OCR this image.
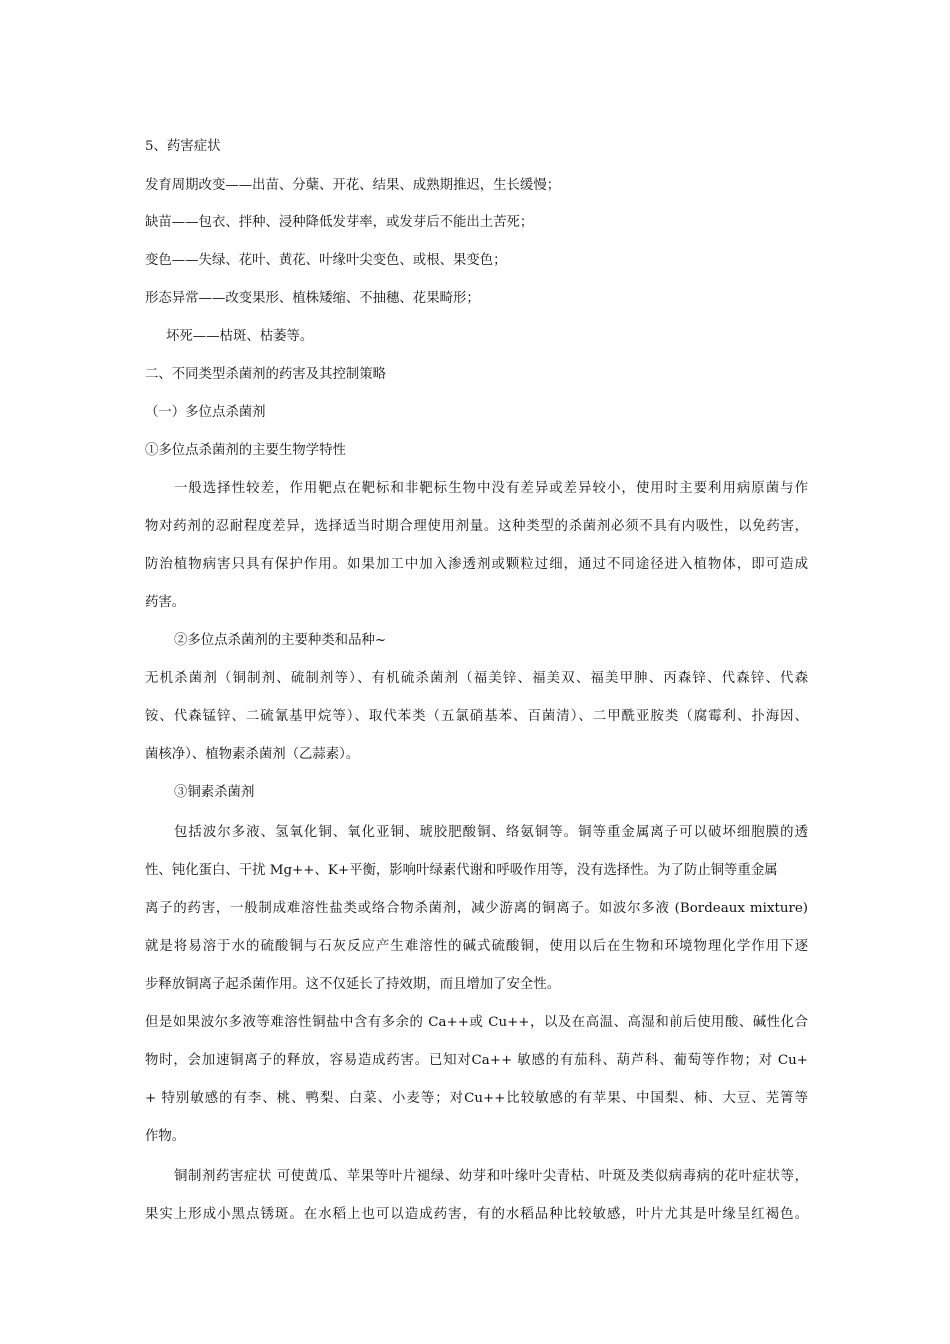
5、药害症状

发育周期改变——出苗、分蘖、开花、结果、成熟期推迟，生长缓慢；

缺苗——包衣、拌种、浸种降低发芽率，或发芽后不能出土苦死；

变色——失绿、花叶、黄花、叶缘叶尖变色、或根、果变色；

形态异常——改变果形、植株矮缩、不抽穗、花果畸形；

坏死——枯斑、枯萎等。

二、不同类型杀菌剂的药害及其控制策略

（一）多位点杀菌剂

①多位点杀菌剂的主要生物学特性

一般选择性较差，作用靶点在靶标和非靶标生物中没有差异或差异较小，使用时主要利用病原菌与作

物对药剂的忍耐程度差异，选择适当时期合理使用剂量。这种类型的杀菌剂必须不具有内吸性，以免药害，

防治植物病害只具有保护作用。如果加工中加入渗透剂或颗粒过细，通过不同途径进入植物体，即可造成

药害。

②多位点杀菌剂的主要种类和品种~

无机杀菌剂（铜制剂、硫制剂等）、有机硫杀菌剂（福美锌、福美双、福美甲胂、丙森锌、代森锌、代森

铵、代森锰锌、二硫氰基甲烷等）、取代苯类（五氯硝基苯、百菌清）、二甲酰亚胺类（腐霉利、扑海因、

菌核净）、植物素杀菌剂（乙蒜素）。

③铜素杀菌剂

包括波尔多液、氢氧化铜、氧化亚铜、琥胶肥酸铜、络氨铜等。铜等重金属离子可以破坏细胞膜的透

性、钝化蛋白、干扰 Mg++、K+平衡，影响叶绿素代谢和呼吸作用等，没有选择性。为了防止铜等重金属

离子的药害，一般制成难溶性盐类或络合物杀菌剂，减少游离的铜离子。如波尔多液 (Bordeaux mixture)

就是将易溶于水的硫酸铜与石灰反应产生难溶性的碱式硫酸铜，使用以后在生物和环境物理化学作用下逐

步释放铜离子起杀菌作用。这不仅延长了持效期，而且增加了安全性。

但是如果波尔多液等难溶性铜盐中含有多余的 Ca++或 Cu++，以及在高温、高湿和前后使用酸、碱性化合

物时，会加速铜离子的释放，容易造成药害。已知对Ca++ 敏感的有茄科、葫芦科、葡萄等作物；对 Cu+

+ 特别敏感的有李、桃、鸭梨、白菜、小麦等；对Cu++比较敏感的有苹果、中国梨、柿、大豆、芜箐等

作物。

铜制剂药害症状 可使黄瓜、苹果等叶片褪绿、幼芽和叶缘叶尖青枯、叶斑及类似病毒病的花叶症状等，

果实上形成小黑点锈斑。在水稻上也可以造成药害，有的水稻品种比较敏感，叶片尤其是叶缘呈红褐色。
